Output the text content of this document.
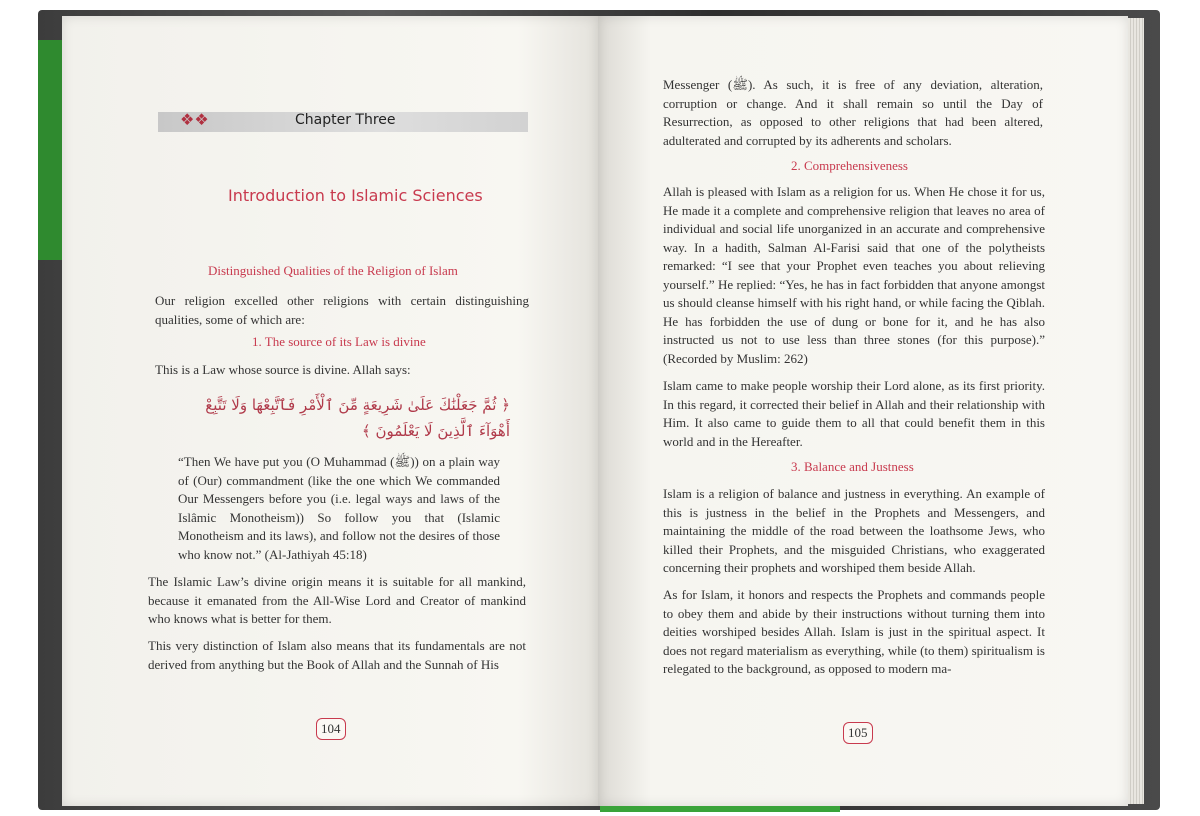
❖❖	Chapter Three
Introduction to Islamic Sciences
Distinguished Qualities of the Religion of Islam
Our religion excelled other religions with certain distinguishing qualities, some of which are:
1. The source of its Law is divine
This is a Law whose source is divine. Allah says:
﴿ ثُمَّ جَعَلْنَٰكَ عَلَىٰ شَرِيعَةٍ مِّنَ ٱلْأَمْرِ فَٱتَّبِعْهَا وَلَا تَتَّبِعْ أَهْوَآءَ ٱلَّذِينَ لَا يَعْلَمُونَ ﴾
“Then We have put you (O Muhammad (ﷺ)) on a plain way of (Our) commandment (like the one which We commanded Our Messengers before you (i.e. legal ways and laws of the Islâmic Monotheism)) So follow you that (Islamic Monotheism and its laws), and follow not the desires of those who know not.” (Al-Jathiyah 45:18)
The Islamic Law’s divine origin means it is suitable for all mankind, because it emanated from the All-Wise Lord and Creator of mankind who knows what is better for them.
This very distinction of Islam also means that its fundamentals are not derived from anything but the Book of Allah and the Sunnah of His
104
Messenger (ﷺ). As such, it is free of any deviation, alteration, corruption or change. And it shall remain so until the Day of Resurrection, as opposed to other religions that had been altered, adulterated and corrupted by its adherents and scholars.
2. Comprehensiveness
Allah is pleased with Islam as a religion for us. When He chose it for us, He made it a complete and comprehensive religion that leaves no area of individual and social life unorganized in an accurate and comprehensive way. In a hadith, Salman Al-Farisi said that one of the polytheists remarked: “I see that your Prophet even teaches you about relieving yourself.” He replied: “Yes, he has in fact forbidden that anyone amongst us should cleanse himself with his right hand, or while facing the Qiblah. He has forbidden the use of dung or bone for it, and he has also instructed us not to use less than three stones (for this purpose).” (Recorded by Muslim: 262)
Islam came to make people worship their Lord alone, as its first priority. In this regard, it corrected their belief in Allah and their relationship with Him. It also came to guide them to all that could benefit them in this world and in the Hereafter.
3. Balance and Justness
Islam is a religion of balance and justness in everything. An example of this is justness in the belief in the Prophets and Messengers, and maintaining the middle of the road between the loathsome Jews, who killed their Prophets, and the misguided Christians, who exaggerated concerning their prophets and worshiped them beside Allah.
As for Islam, it honors and respects the Prophets and commands people to obey them and abide by their instructions without turning them into deities worshiped besides Allah. Islam is just in the spiritual aspect. It does not regard materialism as everything, while (to them) spiritualism is relegated to the background, as opposed to modern ma-
105
